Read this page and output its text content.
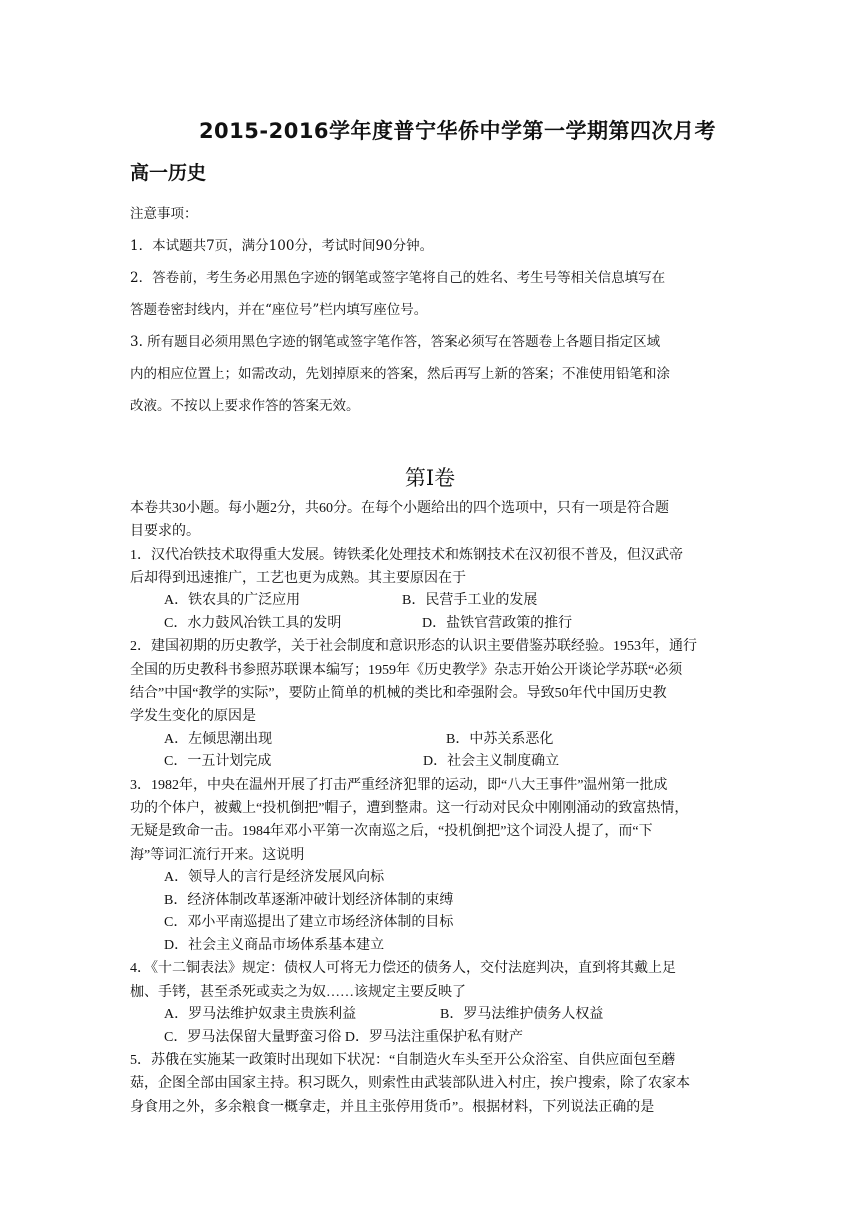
2015-2016学年度普宁华侨中学第一学期第四次月考
高一历史
注意事项：
1．本试题共7页，满分100分，考试时间90分钟。
2．答卷前，考生务必用黑色字迹的钢笔或签字笔将自己的姓名、考生号等相关信息填写在
答题卷密封线内，并在“座位号”栏内填写座位号。
3. 所有题目必须用黑色字迹的钢笔或签字笔作答，答案必须写在答题卷上各题目指定区域
内的相应位置上；如需改动，先划掉原来的答案，然后再写上新的答案；不准使用铅笔和涂
改液。不按以上要求作答的答案无效。
第Ⅰ卷
本卷共30小题。每小题2分，共60分。在每个小题给出的四个选项中，只有一项是符合题
目要求的。
1．汉代冶铁技术取得重大发展。铸铁柔化处理技术和炼钢技术在汉初很不普及，但汉武帝
后却得到迅速推广，工艺也更为成熟。其主要原因在于
A．铁农具的广泛应用	B．民营手工业的发展
C．水力鼓风冶铁工具的发明	D．盐铁官营政策的推行
2．建国初期的历史教学，关于社会制度和意识形态的认识主要借鉴苏联经验。1953年，通行
全国的历史教科书参照苏联课本编写；1959年《历史教学》杂志开始公开谈论学苏联“必须
结合”中国“教学的实际”，要防止简单的机械的类比和牵强附会。导致50年代中国历史教
学发生变化的原因是
A．左倾思潮出现	B．中苏关系恶化
C．一五计划完成	D．社会主义制度确立
3．1982年，中央在温州开展了打击严重经济犯罪的运动，即“八大王事件”温州第一批成
功的个体户，被戴上“投机倒把”帽子，遭到整肃。这一行动对民众中刚刚涌动的致富热情，
无疑是致命一击。1984年邓小平第一次南巡之后，“投机倒把”这个词没人提了，而“下
海”等词汇流行开来。这说明
A．领导人的言行是经济发展风向标
B．经济体制改革逐渐冲破计划经济体制的束缚
C．邓小平南巡提出了建立市场经济体制的目标
D．社会主义商品市场体系基本建立
4．《十二铜表法》规定：债权人可将无力偿还的债务人，交付法庭判决，直到将其戴上足
枷、手铐，甚至杀死或卖之为奴……该规定主要反映了
A．罗马法维护奴隶主贵族利益	B．罗马法维护债务人权益
C．罗马法保留大量野蛮习俗 D．罗马法注重保护私有财产
5．苏俄在实施某一政策时出现如下状况：“自制造火车头至开公众浴室、自供应面包至蘑
菇，企图全部由国家主持。积习既久，则索性由武装部队进入村庄，挨户搜索，除了农家本
身食用之外，多余粮食一概拿走，并且主张停用货币”。根据材料，下列说法正确的是
